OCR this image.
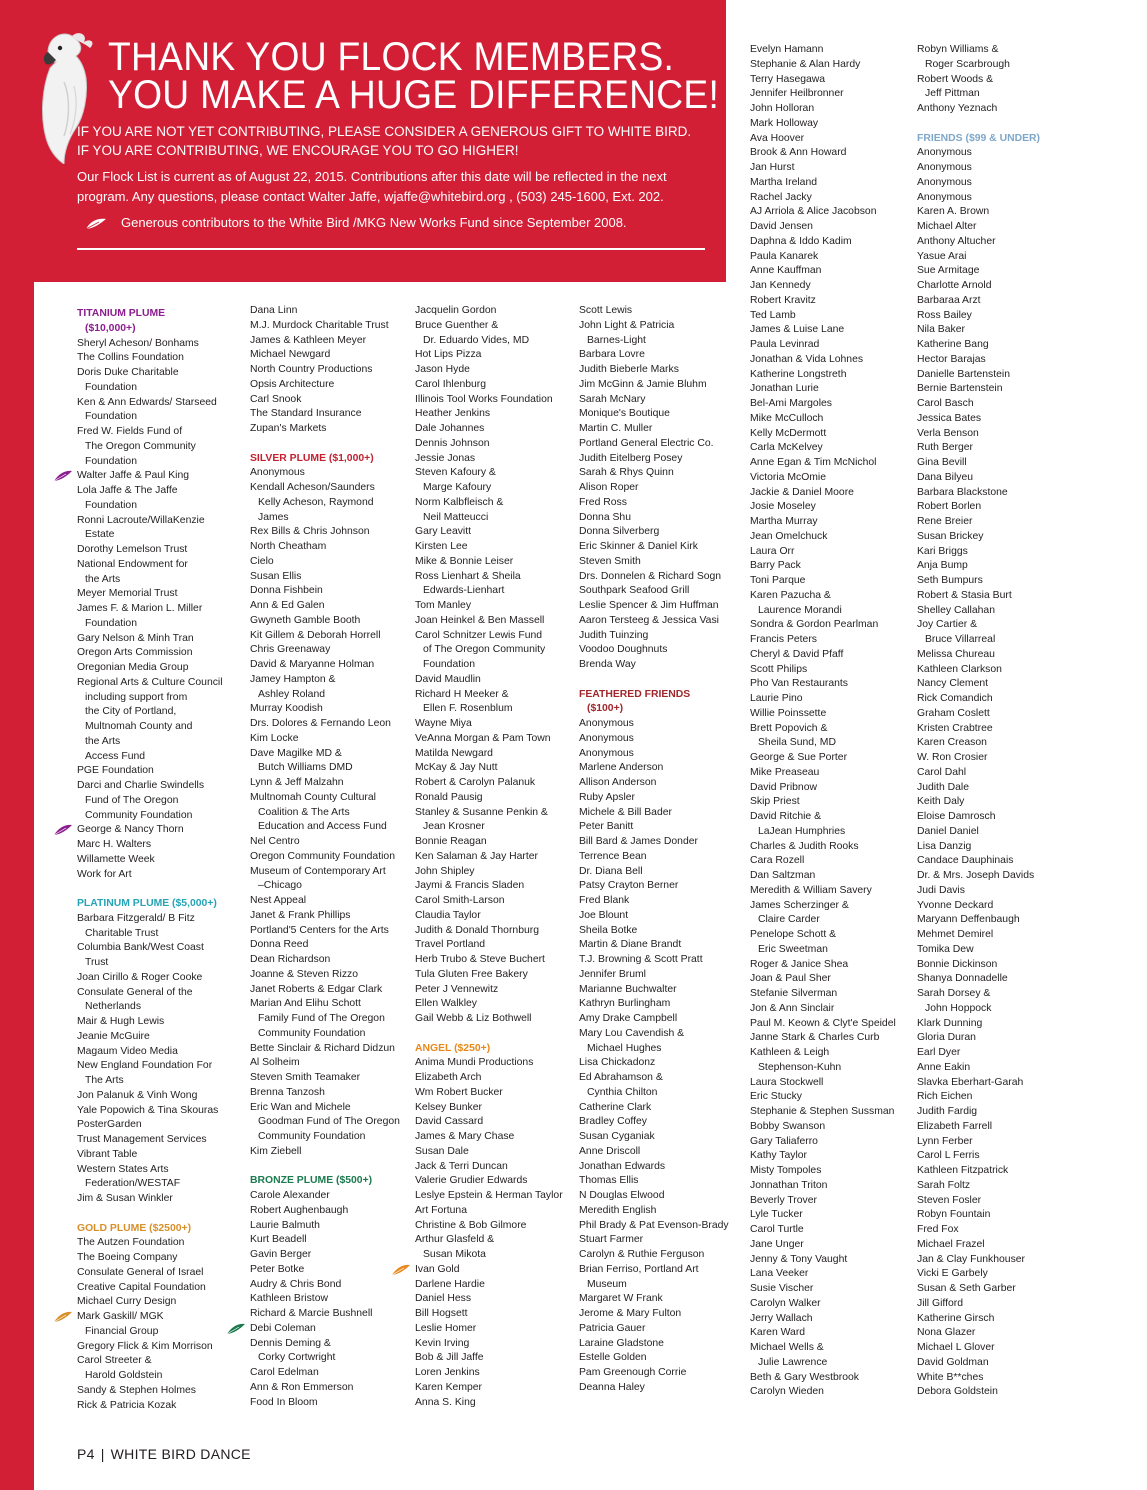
THANK YOU FLOCK MEMBERS.
YOU MAKE A HUGE DIFFERENCE!
IF YOU ARE NOT YET CONTRIBUTING, PLEASE CONSIDER A GENEROUS GIFT TO WHITE BIRD.
IF YOU ARE CONTRIBUTING, WE ENCOURAGE YOU TO GO HIGHER!
Our Flock List is current as of August 22, 2015. Contributions after this date will be reflected in the next program. Any questions, please contact Walter Jaffe, wjaffe@whitebird.org , (503) 245-1600, Ext. 202.
Generous contributors to the White Bird /MKG New Works Fund since September 2008.
TITANIUM PLUME
($10,000+)
Sheryl Acheson/ Bonhams
The Collins Foundation
Doris Duke Charitable
Foundation
Ken & Ann Edwards/ Starseed
Foundation
Fred W. Fields Fund of
The Oregon Community
Foundation
Walter Jaffe & Paul King
Lola Jaffe & The Jaffe
Foundation
Ronni Lacroute/WillaKenzie
Estate
Dorothy Lemelson Trust
National Endowment for
the Arts
Meyer Memorial Trust
James F. & Marion L. Miller
Foundation
Gary Nelson & Minh Tran
Oregon Arts Commission
Oregonian Media Group
Regional Arts & Culture Council
including support from
the City of Portland,
Multnomah County and
the Arts
Access Fund
PGE Foundation
Darci and Charlie Swindells
Fund of The Oregon
Community Foundation
George & Nancy Thorn
Marc H. Walters
Willamette Week
Work for Art
PLATINUM PLUME ($5,000+)
Barbara Fitzgerald/ B Fitz
Charitable Trust
Columbia Bank/West Coast
Trust
Joan Cirillo & Roger Cooke
Consulate General of the
Netherlands
Mair & Hugh Lewis
Jeanie McGuire
Magaum Video Media
New England Foundation For
The Arts
Jon Palanuk & Vinh Wong
Yale Popowich & Tina Skouras
PosterGarden
Trust Management Services
Vibrant Table
Western States Arts
Federation/WESTAF
Jim & Susan Winkler
GOLD PLUME ($2500+)
The Autzen Foundation
The Boeing Company
Consulate General of Israel
Creative Capital Foundation
Michael Curry Design
Mark Gaskill/ MGK
Financial Group
Gregory Flick & Kim Morrison
Carol Streeter &
Harold Goldstein
Sandy & Stephen Holmes
Rick & Patricia Kozak
Dana Linn
M.J. Murdock Charitable Trust
James & Kathleen Meyer
Michael Newgard
North Country Productions
Opsis Architecture
Carl Snook
The Standard Insurance
Zupan's Markets
SILVER PLUME ($1,000+)
Anonymous
Kendall Acheson/Saunders
Kelly Acheson, Raymond
James
Rex Bills & Chris Johnson
North Cheatham
Cielo
Susan Ellis
Donna Fishbein
Ann & Ed Galen
Gwyneth Gamble Booth
Kit Gillem & Deborah Horrell
Chris Greenaway
David & Maryanne Holman
Jamey Hampton &
Ashley Roland
Murray Koodish
Drs. Dolores & Fernando Leon
Kim Locke
Dave Magilke MD &
Butch Williams DMD
Lynn & Jeff Malzahn
Multnomah County Cultural
Coalition & The Arts
Education and Access Fund
Nel Centro
Oregon Community Foundation
Museum of Contemporary Art
–Chicago
Nest Appeal
Janet & Frank Phillips
Portland'5 Centers for the Arts
Donna Reed
Dean Richardson
Joanne & Steven Rizzo
Janet Roberts & Edgar Clark
Marian And Elihu Schott
Family Fund of The Oregon
Community Foundation
Bette Sinclair & Richard Didzun
Al Solheim
Steven Smith Teamaker
Brenna Tanzosh
Eric Wan and Michele
Goodman Fund of The Oregon
Community Foundation
Kim Ziebell
BRONZE PLUME ($500+)
Carole Alexander
Robert Aughenbaugh
Laurie Balmuth
Kurt Beadell
Gavin Berger
Peter Botke
Audry & Chris Bond
Kathleen Bristow
Richard & Marcie Bushnell
Debi Coleman
Dennis Deming &
Corky Cortwright
Carol Edelman
Ann & Ron Emmerson
Food In Bloom
Jacquelin Gordon
Bruce Guenther &
Dr. Eduardo Vides, MD
Hot Lips Pizza
Jason Hyde
Carol Ihlenburg
Illinois Tool Works Foundation
Heather Jenkins
Dale Johannes
Dennis Johnson
Jessie Jonas
Steven Kafoury &
Marge Kafoury
Norm Kalbfleisch &
Neil Matteucci
Gary Leavitt
Kirsten Lee
Mike & Bonnie Leiser
Ross Lienhart & Sheila
Edwards-Lienhart
Tom Manley
Joan Heinkel & Ben Massell
Carol Schnitzer Lewis Fund
of The Oregon Community
Foundation
David Maudlin
Richard H Meeker &
Ellen F. Rosenblum
Wayne Miya
VeAnna Morgan & Pam Town
Matilda Newgard
McKay & Jay Nutt
Robert & Carolyn Palanuk
Ronald Pausig
Stanley & Susanne Penkin &
Jean Krosner
Bonnie Reagan
Ken Salaman & Jay Harter
John Shipley
Jaymi & Francis Sladen
Carol Smith-Larson
Claudia Taylor
Judith & Donald Thornburg
Travel Portland
Herb Trubo & Steve Buchert
Tula Gluten Free Bakery
Peter J Vennewitz
Ellen Walkley
Gail Webb & Liz Bothwell
ANGEL ($250+)
Anima Mundi Productions
Elizabeth Arch
Wm Robert Bucker
Kelsey Bunker
David Cassard
James & Mary Chase
Susan Dale
Jack & Terri Duncan
Valerie Grudier Edwards
Leslye Epstein & Herman Taylor
Art Fortuna
Christine & Bob Gilmore
Arthur Glasfeld &
Susan Mikota
Ivan Gold
Darlene Hardie
Daniel Hess
Bill Hogsett
Leslie Homer
Kevin Irving
Bob & Jill Jaffe
Loren Jenkins
Karen Kemper
Anna S. King
Scott Lewis
John Light & Patricia
Barnes-Light
Barbara Lovre
Judith Bieberle Marks
Jim McGinn & Jamie Bluhm
Sarah McNary
Monique's Boutique
Martin C. Muller
Portland General Electric Co.
Judith Eitelberg Posey
Sarah & Rhys Quinn
Alison Roper
Fred Ross
Donna Shu
Donna Silverberg
Eric Skinner & Daniel Kirk
Steven Smith
Drs. Donnelen & Richard Sogn
Southpark Seafood Grill
Leslie Spencer & Jim Huffman
Aaron Tersteeg & Jessica Vasi
Judith Tuinzing
Voodoo Doughnuts
Brenda Way
FEATHERED FRIENDS
($100+)
Anonymous
Anonymous
Anonymous
Marlene Anderson
Allison Anderson
Ruby Apsler
Michele & Bill Bader
Peter Banitt
Bill Bard & James Donder
Terrence Bean
Dr. Diana Bell
Patsy Crayton Berner
Fred Blank
Joe Blount
Sheila Botke
Martin & Diane Brandt
T.J. Browning & Scott Pratt
Jennifer Bruml
Marianne Buchwalter
Kathryn Burlingham
Amy Drake Campbell
Mary Lou Cavendish &
Michael Hughes
Lisa Chickadonz
Ed Abrahamson &
Cynthia Chilton
Catherine Clark
Bradley Coffey
Susan Cyganiak
Anne Driscoll
Jonathan Edwards
Thomas Ellis
N Douglas Elwood
Meredith English
Phil Brady & Pat Evenson-Brady
Stuart Farmer
Carolyn & Ruthie Ferguson
Brian Ferriso, Portland Art
Museum
Margaret W Frank
Jerome & Mary Fulton
Patricia Gauer
Laraine Gladstone
Estelle Golden
Pam Greenough Corrie
Deanna Haley
Evelyn Hamann
Stephanie & Alan Hardy
Terry Hasegawa
Jennifer Heilbronner
John Holloran
Mark Holloway
Ava Hoover
Brook & Ann Howard
Jan Hurst
Martha Ireland
Rachel Jacky
AJ Arriola & Alice Jacobson
David Jensen
Daphna & Iddo Kadim
Paula Kanarek
Anne Kauffman
Jan Kennedy
Robert Kravitz
Ted Lamb
James & Luise Lane
Paula Levinrad
Jonathan & Vida Lohnes
Katherine Longstreth
Jonathan Lurie
Bel-Ami Margoles
Mike McCulloch
Kelly McDermott
Carla McKelvey
Anne Egan & Tim McNichol
Victoria McOmie
Jackie & Daniel Moore
Josie Moseley
Martha Murray
Jean Omelchuck
Laura Orr
Barry Pack
Toni Parque
Karen Pazucha &
Laurence Morandi
Sondra & Gordon Pearlman
Francis Peters
Cheryl & David Pfaff
Scott Philips
Pho Van Restaurants
Laurie Pino
Willie Poinssette
Brett Popovich &
Sheila Sund, MD
George & Sue Porter
Mike Preaseau
David Pribnow
Skip Priest
David Ritchie &
LaJean Humphries
Charles & Judith Rooks
Cara Rozell
Dan Saltzman
Meredith & William Savery
James Scherzinger &
Claire Carder
Penelope Schott &
Eric Sweetman
Roger & Janice Shea
Joan & Paul Sher
Stefanie Silverman
Jon & Ann Sinclair
Paul M. Keown & Clyt'e Speidel
Janne Stark & Charles Curb
Kathleen & Leigh
Stephenson-Kuhn
Laura Stockwell
Eric Stucky
Stephanie & Stephen Sussman
Bobby Swanson
Gary Taliaferro
Kathy Taylor
Misty Tompoles
Jonnathan Triton
Beverly Trover
Lyle Tucker
Carol Turtle
Jane Unger
Jenny & Tony Vaught
Lana Veeker
Susie Vischer
Carolyn Walker
Jerry Wallach
Karen Ward
Michael Wells &
Julie Lawrence
Beth & Gary Westbrook
Carolyn Wieden
Robyn Williams &
Roger Scarbrough
Robert Woods &
Jeff Pittman
Anthony Yeznach
FRIENDS ($99 & UNDER)
Anonymous
Anonymous
Anonymous
Anonymous
Karen A. Brown
Michael Alter
Anthony Altucher
Yasue Arai
Sue Armitage
Charlotte Arnold
Barbaraa Arzt
Ross Bailey
Nila Baker
Katherine Bang
Hector Barajas
Danielle Bartenstein
Bernie Bartenstein
Carol Basch
Jessica Bates
Verla Benson
Ruth Berger
Gina Bevill
Dana Bilyeu
Barbara Blackstone
Robert Borlen
Rene Breier
Susan Brickey
Kari Briggs
Anja Bump
Seth Bumpurs
Robert & Stasia Burt
Shelley Callahan
Joy Cartier &
Bruce Villarreal
Melissa Chureau
Kathleen Clarkson
Nancy Clement
Rick Comandich
Graham Coslett
Kristen Crabtree
Karen Creason
W. Ron Crosier
Carol Dahl
Judith Dale
Keith Daly
Eloise Damrosch
Daniel Daniel
Lisa Danzig
Candace Dauphinais
Dr. & Mrs. Joseph Davids
Judi Davis
Yvonne Deckard
Maryann Deffenbaugh
Mehmet Demirel
Tomika Dew
Bonnie Dickinson
Shanya Donnadelle
Sarah Dorsey &
John Hoppock
Klark Dunning
Gloria Duran
Earl Dyer
Anne Eakin
Slavka Eberhart-Garah
Rich Eichen
Judith Fardig
Elizabeth Farrell
Lynn Ferber
Carol L Ferris
Kathleen Fitzpatrick
Sarah Foltz
Steven Fosler
Robyn Fountain
Fred Fox
Michael Frazel
Jan & Clay Funkhouser
Vicki E Garbely
Susan & Seth Garber
Jill Gifford
Katherine Girsch
Nona Glazer
Michael L Glover
David Goldman
White B**ches
Debora Goldstein
P4 | WHITE BIRD DANCE
